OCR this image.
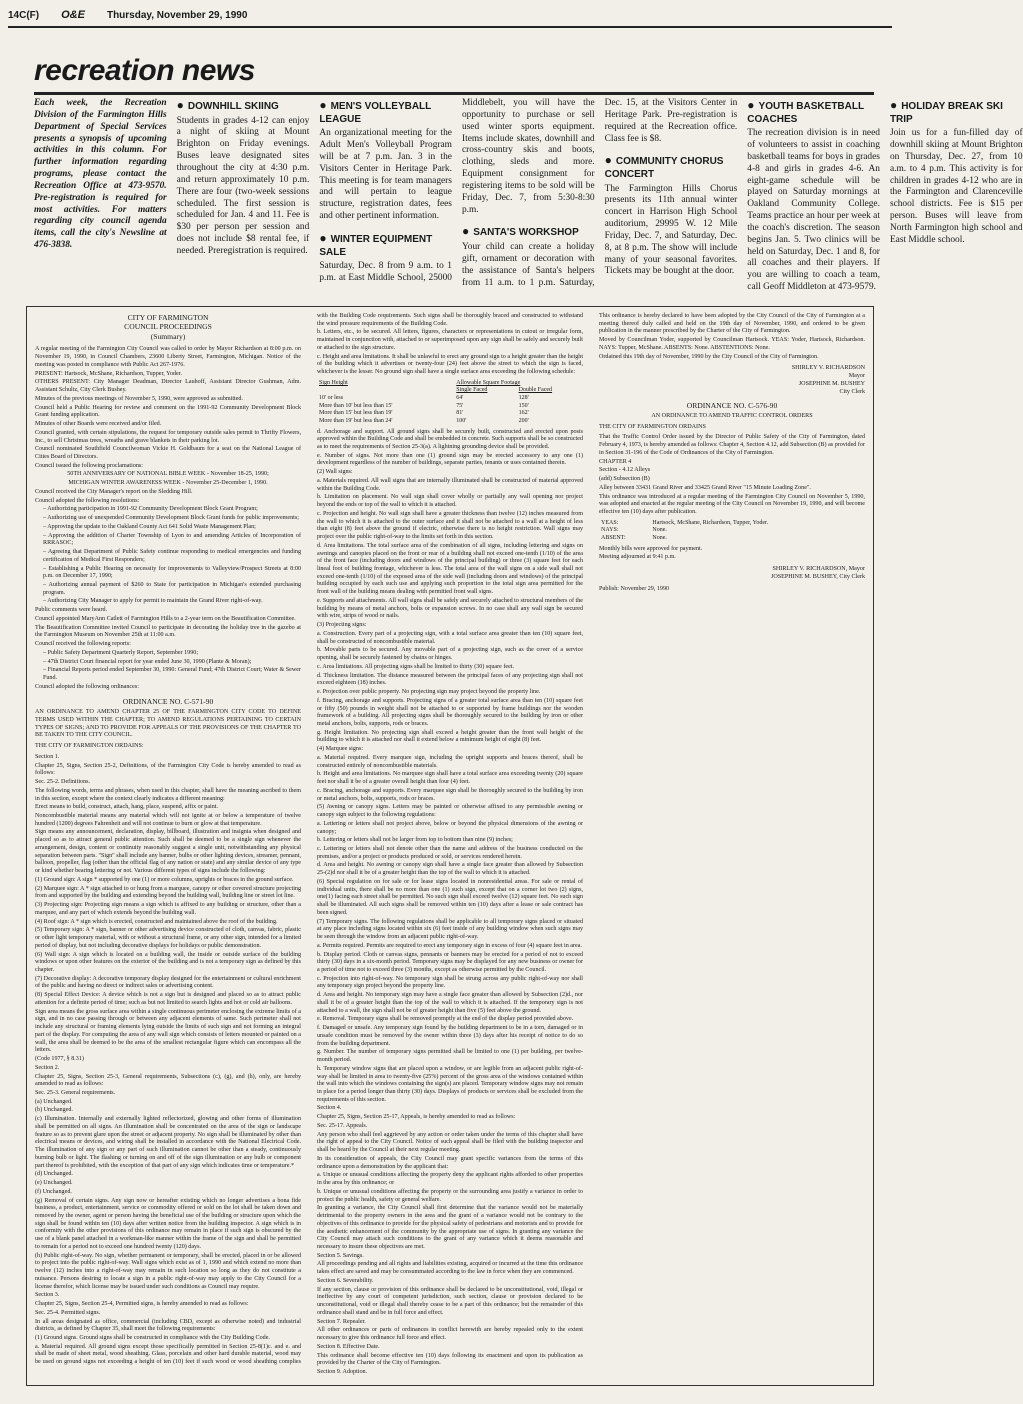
14C(F) O&E Thursday, November 29, 1990
recreation news

Each week, the Recreation Division of the Farmington Hills Department of Special Services presents a synopsis of upcoming activities in this column. For further information regarding programs, please contact the Recreation Office at 473-9570. Pre-registration is required for most activities. For matters regarding city council agenda items, call the city's Newsline at 476-3838.

● DOWNHILL SKIING

Students in grades 4-12 can enjoy a night of skiing at Mount Brighton on Friday evenings. Buses leave designated sites throughout the city at 4:30 p.m. and return approximately 10 p.m. There are four (two-week sessions scheduled. The first session is scheduled for Jan. 4 and 11. Fee is $30 per person per session and does not include $8 rental fee, if needed. Preregistration is required.

● MEN'S VOLLEYBALL LEAGUE

An organizational meeting for the Adult Men's Volleyball Program will be at 7 p.m. Jan. 3 in the Visitors Center in Heritage Park. This meeting is for team managers and will pertain to league structure, registration dates, fees and other pertinent information.

● WINTER EQUIPMENT SALE

Saturday, Dec. 8 from 9 a.m. to 1 p.m. at East Middle School, 25000 Middlebelt, you will have the opportunity to purchase or sell used winter sports equipment. Items include skates, downhill and cross-country skis and boots, clothing, sleds and more. Equipment consignment for registering items to be sold will be Friday, Dec. 7, from 5:30-8:30 p.m.

● SANTA'S WORKSHOP

Your child can create a holiday gift, ornament or decoration with the assistance of Santa's helpers from 11 a.m. to 1 p.m. Saturday, Dec. 15, at the Visitors Center in Heritage Park. Pre-registration is required at the Recreation office. Class fee is $8.

● COMMUNITY CHORUS CONCERT

The Farmington Hills Chorus presents its 11th annual winter concert in Harrison High School auditorium, 29995 W. 12 Mile Friday, Dec. 7, and Saturday, Dec. 8, at 8 p.m. The show will include many of your seasonal favorites. Tickets may be bought at the door.

● YOUTH BASKETBALL COACHES

The recreation division is in need of volunteers to assist in coaching basketball teams for boys in grades 4-8 and girls in grades 4-6. An eight-game schedule will be played on Saturday mornings at Oakland Community College. Teams practice an hour per week at the coach's discretion. The season begins Jan. 5. Two clinics will be held on Saturday, Dec. 1 and 8, for all coaches and their players. If you are willing to coach a team, call Geoff Middleton at 473-9579.

● HOLIDAY BREAK SKI TRIP

Join us for a fun-filled day of downhill skiing at Mount Brighton on Thursday, Dec. 27, from 10 a.m. to 4 p.m. This activity is for children in grades 4-12 who are in the Farmington and Clarenceville school districts. Fee is $15 per person. Buses will leave from North Farmington high school and East Middle school.

CITY OF FARMINGTON
COUNCIL PROCEEDINGS
(Summary)

A regular meeting of the Farmington City Council was called to order by Mayor Richardson at 8:00 p.m. on November 19, 1990, in Council Chambers, 23600 Liberty Street, Farmington, Michigan. Notice of the meeting was posted in compliance with Public Act 267-1976.

PRESENT: Hartsock, McShane, Richardson, Tupper, Yoder.

OTHERS PRESENT: City Manager Deadman, Director Lauhoff, Assistant Director Gushman, Adm. Assistant Schultz, City Clerk Bushey.

Minutes of the previous meetings of November 5, 1990, were approved as submitted.

Council held a Public Hearing for review and comment on the 1991-92 Community Development Block Grant funding application.

Minutes of other Boards were received and/or filed.

Council granted, with certain stipulations, the request for temporary outside sales permit to Thrifty Flowers, Inc., to sell Christmas trees, wreaths and grave blankets in their parking lot.

Council nominated Southfield Councilwoman Vickie H. Goldbaum for a seat on the National League of Cities Board of Directors.

Council issued the following proclamations:

50TH ANNIVERSARY OF NATIONAL BIBLE WEEK - November 18-25, 1990;

MICHIGAN WINTER AWARENESS WEEK - November 25-December 1, 1990.

Council received the City Manager's report on the Sledding Hill.

Council adopted the following resolutions:

– Authorizing participation in 1991-92 Community Development Block Grant Program;

– Authorizing use of unexpended Community Development Block Grant funds for public improvements;

– Approving the update to the Oakland County Act 641 Solid Waste Management Plan;

– Approving the addition of Charter Township of Lyon to and amending Articles of Incorporation of RRRASOC;

– Agreeing that Department of Public Safety continue responding to medical emergencies and funding certification of Medical First Responders;

– Establishing a Public Hearing on necessity for improvements to Valleyview/Prospect Streets at 8:00 p.m. on December 17, 1990;

– Authorizing annual payment of $260 to State for participation in Michigan's extended purchasing program.

– Authorizing City Manager to apply for permit to maintain the Grand River right-of-way.

Public comments were heard.

Council appointed MaryAnn Catlett of Farmington Hills to a 2-year term on the Beautification Committee.

The Beautification Committee invited Council to participate in decorating the holiday tree in the gazebo at the Farmington Museum on November 25th at 11:00 a.m.

Council received the following reports:

– Public Safety Department Quarterly Report, September 1990;

– 47th District Court financial report for year ended June 30, 1990 (Plante & Moran);

– Financial Reports period ended September 30, 1990: General Fund; 47th District Court; Water & Sewer Fund.

Council adopted the following ordinances:

ORDINANCE NO. C-571-90

AN ORDINANCE TO AMEND CHAPTER 25 OF THE FARMINGTON CITY CODE TO DEFINE TERMS USED WITHIN THE CHAPTER; TO AMEND REGULATIONS PERTAINING TO CERTAIN TYPES OF SIGNS; AND TO PROVIDE FOR APPEALS OF THE PROVISIONS OF THE CHAPTER TO BE TAKEN TO THE CITY COUNCIL.

THE CITY OF FARMINGTON ORDAINS:

Section 1.

Chapter 25, Signs, Section 25-2, Definitions, of the Farmington City Code is hereby amended to read as follows:

Sec. 25-2. Definitions.

The following words, terms and phrases, when used in this chapter, shall have the meaning ascribed to them in this section, except where the context clearly indicates a different meaning:

Erect means to build, construct, attach, hang, place, suspend, affix or paint.

Noncombustible material means any material which will not ignite at or below a temperature of twelve hundred (1200) degrees Fahrenheit and will not continue to burn or glow at that temperature.

Sign means any announcement, declaration, display, billboard, illustration and insignia when designed and placed so as to attract general public attention. Such shall be deemed to be a single sign whenever the arrangement, design, content or continuity reasonably suggest a single unit, notwithstanding any physical separation between parts. "Sign" shall include any banner, bulbs or other lighting devices, streamer, pennant, balloon, propeller, flag (other than the official flag of any nation or state) and any similar device of any type or kind whether bearing lettering or not. Various different types of signs include the following:

(1) Ground sign: A sign * supported by one (1) or more columns, uprights or braces in the ground surface.

(2) Marquee sign: A * sign attached to or hung from a marquee, canopy or other covered structure projecting from and supported by the building and extending beyond the building wall, building line or street lot line.

(3) Projecting sign: Projecting sign means a sign which is affixed to any building or structure, other than a marquee, and any part of which extends beyond the building wall.

(4) Roof sign: A * sign which is erected, constructed and maintained above the roof of the building.

(5) Temporary sign: A * sign, banner or other advertising device constructed of cloth, canvas, fabric, plastic or other light temporary material, with or without a structural frame, or any other sign, intended for a limited period of display, but not including decorative displays for holidays or public demonstration.

(6) Wall sign: A sign which is located on a building wall, the inside or outside surface of the building windows or upon other features on the exterior of the building and is not a temporary sign as defined by this chapter.

(7) Decorative display: A decorative temporary display designed for the entertainment or cultural enrichment of the public and having no direct or indirect sales or advertising content.

(8) Special Effect Device: A device which is not a sign but is designed and placed so as to attract public attention for a definite period of time; such as but not limited to search lights and hot or cold air balloons.

Sign area means the gross surface area within a single continuous perimeter enclosing the extreme limits of a sign, and in no case passing through or between any adjacent elements of same. Such perimeter shall not include any structural or framing elements lying outside the limits of such sign and not forming an integral part of the display. For computing the area of any wall sign which consists of letters mounted or painted on a wall, the area shall be deemed to be the area of the smallest rectangular figure which can encompass all the letters.

(Code 1977, § 8.31)

Section 2.

Chapter 25, Signs, Section 25-3, General requirements, Subsections (c), (g), and (h), only, are hereby amended to read as follows:

Sec. 25-3. General requirements.

(a) Unchanged.

(b) Unchanged.

(c) Illumination. Internally and externally lighted reflectorized, glowing and other forms of illumination shall be permitted on all signs. An illumination shall be concentrated on the area of the sign or landscape feature so as to prevent glare upon the street or adjacent property. No sign shall be illuminated by other than electrical means or devices, and wiring shall be installed in accordance with the National Electrical Code. The illumination of any sign or any part of such illumination cannot be other than a steady, continuously burning bulb or light. The flashing or turning on and off of the sign illumination or any bulb or component part thereof is prohibited, with the exception of that part of any sign which indicates time or temperature.*

(d) Unchanged.

(e) Unchanged.

(f) Unchanged.

(g) Removal of certain signs. Any sign now or hereafter existing which no longer advertises a bona fide business, a product, entertainment, service or commodity offered or sold on the lot shall be taken down and removed by the owner, agent or person having the beneficial use of the building or structure upon which the sign shall be found within ten (10) days after written notice from the building inspector. A sign which is in conformity with the other provisions of this ordinance may remain in place if such sign is obscured by the use of a blank panel attached in a workman-like manner within the frame of the sign and shall be permitted to remain for a period not to exceed one hundred twenty (120) days.

(h) Public right-of-way. No sign, whether permanent or temporary, shall be erected, placed in or be allowed to project into the public right-of-way. Wall signs which exist as of 1, 1990 and which extend no more than twelve (12) inches into a right-of-way may remain in such location so long as they do not constitute a nuisance. Persons desiring to locate a sign in a public right-of-way may apply to the City Council for a license therefor, which license may be issued under such conditions as Council may require.

Section 3.

Chapter 25, Signs, Section 25-4, Permitted signs, is hereby amended to read as follows:

Sec. 25-4. Permitted signs.

In all areas designated as office, commercial (including CBD, except as otherwise noted) and industrial districts, as defined by Chapter 35, shall meet the following requirements:

(1) Ground signs. Ground signs shall be constructed in compliance with the City Building Code.

a. Material required. All ground signs except those specifically permitted in Section 25-8(1)c. and e. and shall be made of sheet metal, wood sheathing. Glass, porcelain and other hard durable material, wood may be used on ground signs not exceeding a height of ten (10) feet if such wood or wood sheathing complies with the Building Code requirements. Such signs shall be thoroughly braced and constructed to withstand the wind pressure requirements of the Building Code.

b. Letters, etc., to be secured. All letters, figures, characters or representations in cutout or irregular form, maintained in conjunction with, attached to or superimposed upon any sign shall be safely and securely built or attached to the sign structure.

c. Height and area limitations. It shall be unlawful to erect any ground sign to a height greater than the height of the building which it advertises or twenty-four (24) feet above the street to which the sign is faced, whichever is the lesser. No ground sign shall have a single surface area exceeding the following schedule:

Sign Height	Allowable Square Footage	
	Single Faced	Double Faced
10' or less	64'	128'
More than 10' but less than 15'	75'	150'
More than 15' but less than 19'	81'	162'
More than 19' but less than 24'	100'	200'

d. Anchorage and support. All ground signs shall be securely built, constructed and erected upon posts approved within the Building Code and shall be embedded in concrete. Such supports shall be so constructed as to meet the requirements of Section 25-3(a). A lightning grounding device shall be provided.

e. Number of signs. Not more than one (1) ground sign may be erected accessory to any one (1) development regardless of the number of buildings, separate parties, tenants or uses contained therein.

(2) Wall signs:

a. Materials required. All wall signs that are internally illuminated shall be constructed of material approved within the Building Code.

b. Limitation on placement. No wall sign shall cover wholly or partially any wall opening nor project beyond the ends or top of the wall to which it is attached.

c. Projection and height. No wall sign shall have a greater thickness than twelve (12) inches measured from the wall to which it is attached to the outer surface and it shall not be attached to a wall at a height of less than eight (8) feet above the ground if electric, otherwise there is no height restriction. Wall signs may project over the public right-of-way to the limits set forth in this section.

d. Area limitations. The total surface area of the combination of all signs, including lettering and signs on awnings and canopies placed on the front or rear of a building shall not exceed one-tenth (1/10) of the area of the front face (including doors and windows of the principal building) or three (3) square feet for each lineal foot of building frontage, whichever is less. The total area of the wall signs on a side wall shall not exceed one-tenth (1/10) of the exposed area of the side wall (including doors and windows) of the principal building occupied by each such use and applying such proportion to the total sign area permitted for the front wall of the building means dealing with permitted front wall signs.

e. Supports and attachments. All wall signs shall be safely and securely attached to structural members of the building by means of metal anchors, bolts or expansion screws. In no case shall any wall sign be secured with wire, strips of wood or nails.

(3) Projecting signs:

a. Construction. Every part of a projecting sign, with a total surface area greater than ten (10) square feet, shall be constructed of noncombustible material.

b. Movable parts to be secured. Any movable part of a projecting sign, such as the cover of a service opening, shall be securely fastened by chains or hinges.

c. Area limitations. All projecting signs shall be limited to thirty (30) square feet.

d. Thickness limitation. The distance measured between the principal faces of any projecting sign shall not exceed eighteen (18) inches.

e. Projection over public property. No projecting sign may project beyond the property line.

f. Bracing, anchorage and supports. Projecting signs of a greater total surface area than ten (10) square feet or fifty (50) pounds in weight shall not be attached to or supported by frame buildings nor the wooden framework of a building. All projecting signs shall be thoroughly secured to the building by iron or other metal anchors, bolts, supports, rods or braces.

g. Height limitation. No projecting sign shall exceed a height greater than the front wall height of the building to which it is attached nor shall it extend below a minimum height of eight (8) feet.

(4) Marquee signs:

a. Material required. Every marquee sign, including the upright supports and braces thereof, shall be constructed entirely of noncombustible materials.

b. Height and area limitations. No marquee sign shall have a total surface area exceeding twenty (20) square feet nor shall it be of a greater overall height than four (4) feet.

c. Bracing, anchorage and supports. Every marquee sign shall be thoroughly secured to the building by iron or metal anchors, bolts, supports, rods or braces.

(5) Awning or canopy signs. Letters may be painted or otherwise affixed to any permissible awning or canopy sign subject to the following regulations:

a. Lettering or letters shall not project above, below or beyond the physical dimensions of the awning or canopy;

b. Lettering or letters shall not be larger from top to bottom than nine (9) inches;

c. Lettering or letters shall not denote other than the name and address of the business conducted on the premises, and/or a project or products produced or sold, or services rendered herein.

d. Area and height. No awning or canopy sign shall have a single face greater than allowed by Subsection 25-(2)d nor shall it be of a greater height than the top of the wall to which it is attached.

(6) Special regulation on for sale or for lease signs located in nonresidential areas. For sale or rental of individual units, there shall be no more than one (1) such sign, except that on a corner lot two (2) signs, one(1) facing each street shall be permitted. No such sign shall exceed twelve (12) square feet. No such sign shall be illuminated. All such signs shall be removed within ten (10) days after a lease or sale contract has been signed.

(7) Temporary signs. The following regulations shall be applicable to all temporary signs placed or situated at any place including signs located within six (6) feet inside of any building window when such signs may be seen through the window from an adjacent public right-of-way.

a. Permits required. Permits are required to erect any temporary sign in excess of four (4) square feet in area.

b. Display period. Cloth or canvas signs, pennants or banners may be erected for a period of not to exceed thirty (30) days in a six-month period. Temporary signs may be displayed for any new business or owner for a period of time not to exceed three (3) months, except as otherwise permitted by the Council.

c. Projection into right-of-way. No temporary sign shall be strung across any public right-of-way nor shall any temporary sign project beyond the property line.

d. Area and height. No temporary sign may have a single face greater than allowed by Subsection (2)d., nor shall it be of a greater height than the top of the wall to which it is attached. If the temporary sign is not attached to a wall, the sign shall not be of greater height than five (5) feet above the ground.

e. Removal. Temporary signs shall be removed promptly at the end of the display period provided above.

f. Damaged or unsafe. Any temporary sign found by the building department to be in a torn, damaged or in unsafe condition must be removed by the owner within three (3) days after his receipt of notice to do so from the building department.

g. Number. The number of temporary signs permitted shall be limited to one (1) per building, per twelve-month period.

h. Temporary window signs that are placed upon a window, or are legible from an adjacent public right-of-way shall be limited in area to twenty-five (25%) percent of the gross area of the windows contained within the wall into which the windows containing the sign(s) are placed. Temporary window signs may not remain in place for a period longer than thirty (30) days. Displays of products or services shall be excluded from the requirements of this section.

Section 4.

Chapter 25, Signs, Section 25-17, Appeals, is hereby amended to read as follows:

Sec. 25-17. Appeals.

Any person who shall feel aggrieved by any action or order taken under the terms of this chapter shall have the right of appeal to the City Council. Notice of such appeal shall be filed with the building inspector and shall be heard by the Council at their next regular meeting.

In its consideration of appeals, the City Council may grant specific variances from the terms of this ordinance upon a demonstration by the applicant that:

a. Unique or unusual conditions affecting the property deny the applicant rights afforded to other properties in the area by this ordinance; or

b. Unique or unusual conditions affecting the property or the surrounding area justify a variance in order to protect the public health, safety or general welfare.

In granting a variance, the City Council shall first determine that the variance would not be materially detrimental to the property owners in the area and the grant of a variance would not be contrary to the objectives of this ordinance to provide for the physical safety of pedestrians and motorists and to provide for the aesthetic enhancement of the community by the appropriate use of signs. In granting any variance the City Council may attach such conditions to the grant of any variance which it deems reasonable and necessary to insure these objectives are met.

Section 5. Savings.

All proceedings pending and all rights and liabilities existing, acquired or incurred at the time this ordinance takes effect are saved and may be consummated according to the law in force when they are commenced.

Section 6. Severability.

If any section, clause or provision of this ordinance shall be declared to be unconstitutional, void, illegal or ineffective by any court of competent jurisdiction, such section, clause or provision declared to be unconstitutional, void or illegal shall thereby cease to be a part of this ordinance; but the remainder of this ordinance shall stand and be in full force and effect.

Section 7. Repealer.

All other ordinances or parts of ordinances in conflict herewith are hereby repealed only to the extent necessary to give this ordinance full force and effect.

Section 8. Effective Date.

This ordinance shall become effective ten (10) days following its enactment and upon its publication as provided by the Charter of the City of Farmington.

Section 9. Adoption.

This ordinance is hereby declared to have been adopted by the City Council of the City of Farmington at a meeting thereof duly called and held on the 19th day of November, 1990, and ordered to be given publication in the manner prescribed by the Charter of the City of Farmington.

Moved by Councilman Yoder, supported by Councilman Hartsock. YEAS: Yoder, Hartsock, Richardson. NAYS: Tupper, McShane. ABSENTS: None. ABSTENTIONS: None.

Ordained this 19th day of November, 1990 by the City Council of the City of Farmington.

SHIRLEY V. RICHARDSON
Mayor
JOSEPHINE M. BUSHEY
City Clerk

ORDINANCE NO. C-576-90

AN ORDINANCE TO AMEND TRAFFIC CONTROL ORDERS

THE CITY OF FARMINGTON ORDAINS

That the Traffic Control Order issued by the Director of Public Safety of the City of Farmington, dated February 4, 1973, is hereby amended as follows: Chapter 4, Section 4.12, add Subsection (B) as provided for in Section 31-196 of the Code of Ordinances of the City of Farmington.

CHAPTER 4

Section - 4.12 Alleys

(add) Subsection (B)

Alley between 33431 Grand River and 33425 Grand River "15 Minute Loading Zone".

This ordinance was introduced at a regular meeting of the Farmington City Council on November 5, 1990, was adopted and enacted at the regular meeting of the City Council on November 19, 1990, and will become effective ten (10) days after publication.

YEAS:	Hartsock, McShane, Richardson, Tupper, Yoder.
NAYS:	None.
ABSENT:	None.

Monthly bills were approved for payment.

Meeting adjourned at 9:41 p.m.

SHIRLEY V. RICHARDSON, Mayor
JOSEPHINE M. BUSHEY, City Clerk

Publish: November 29, 1990
